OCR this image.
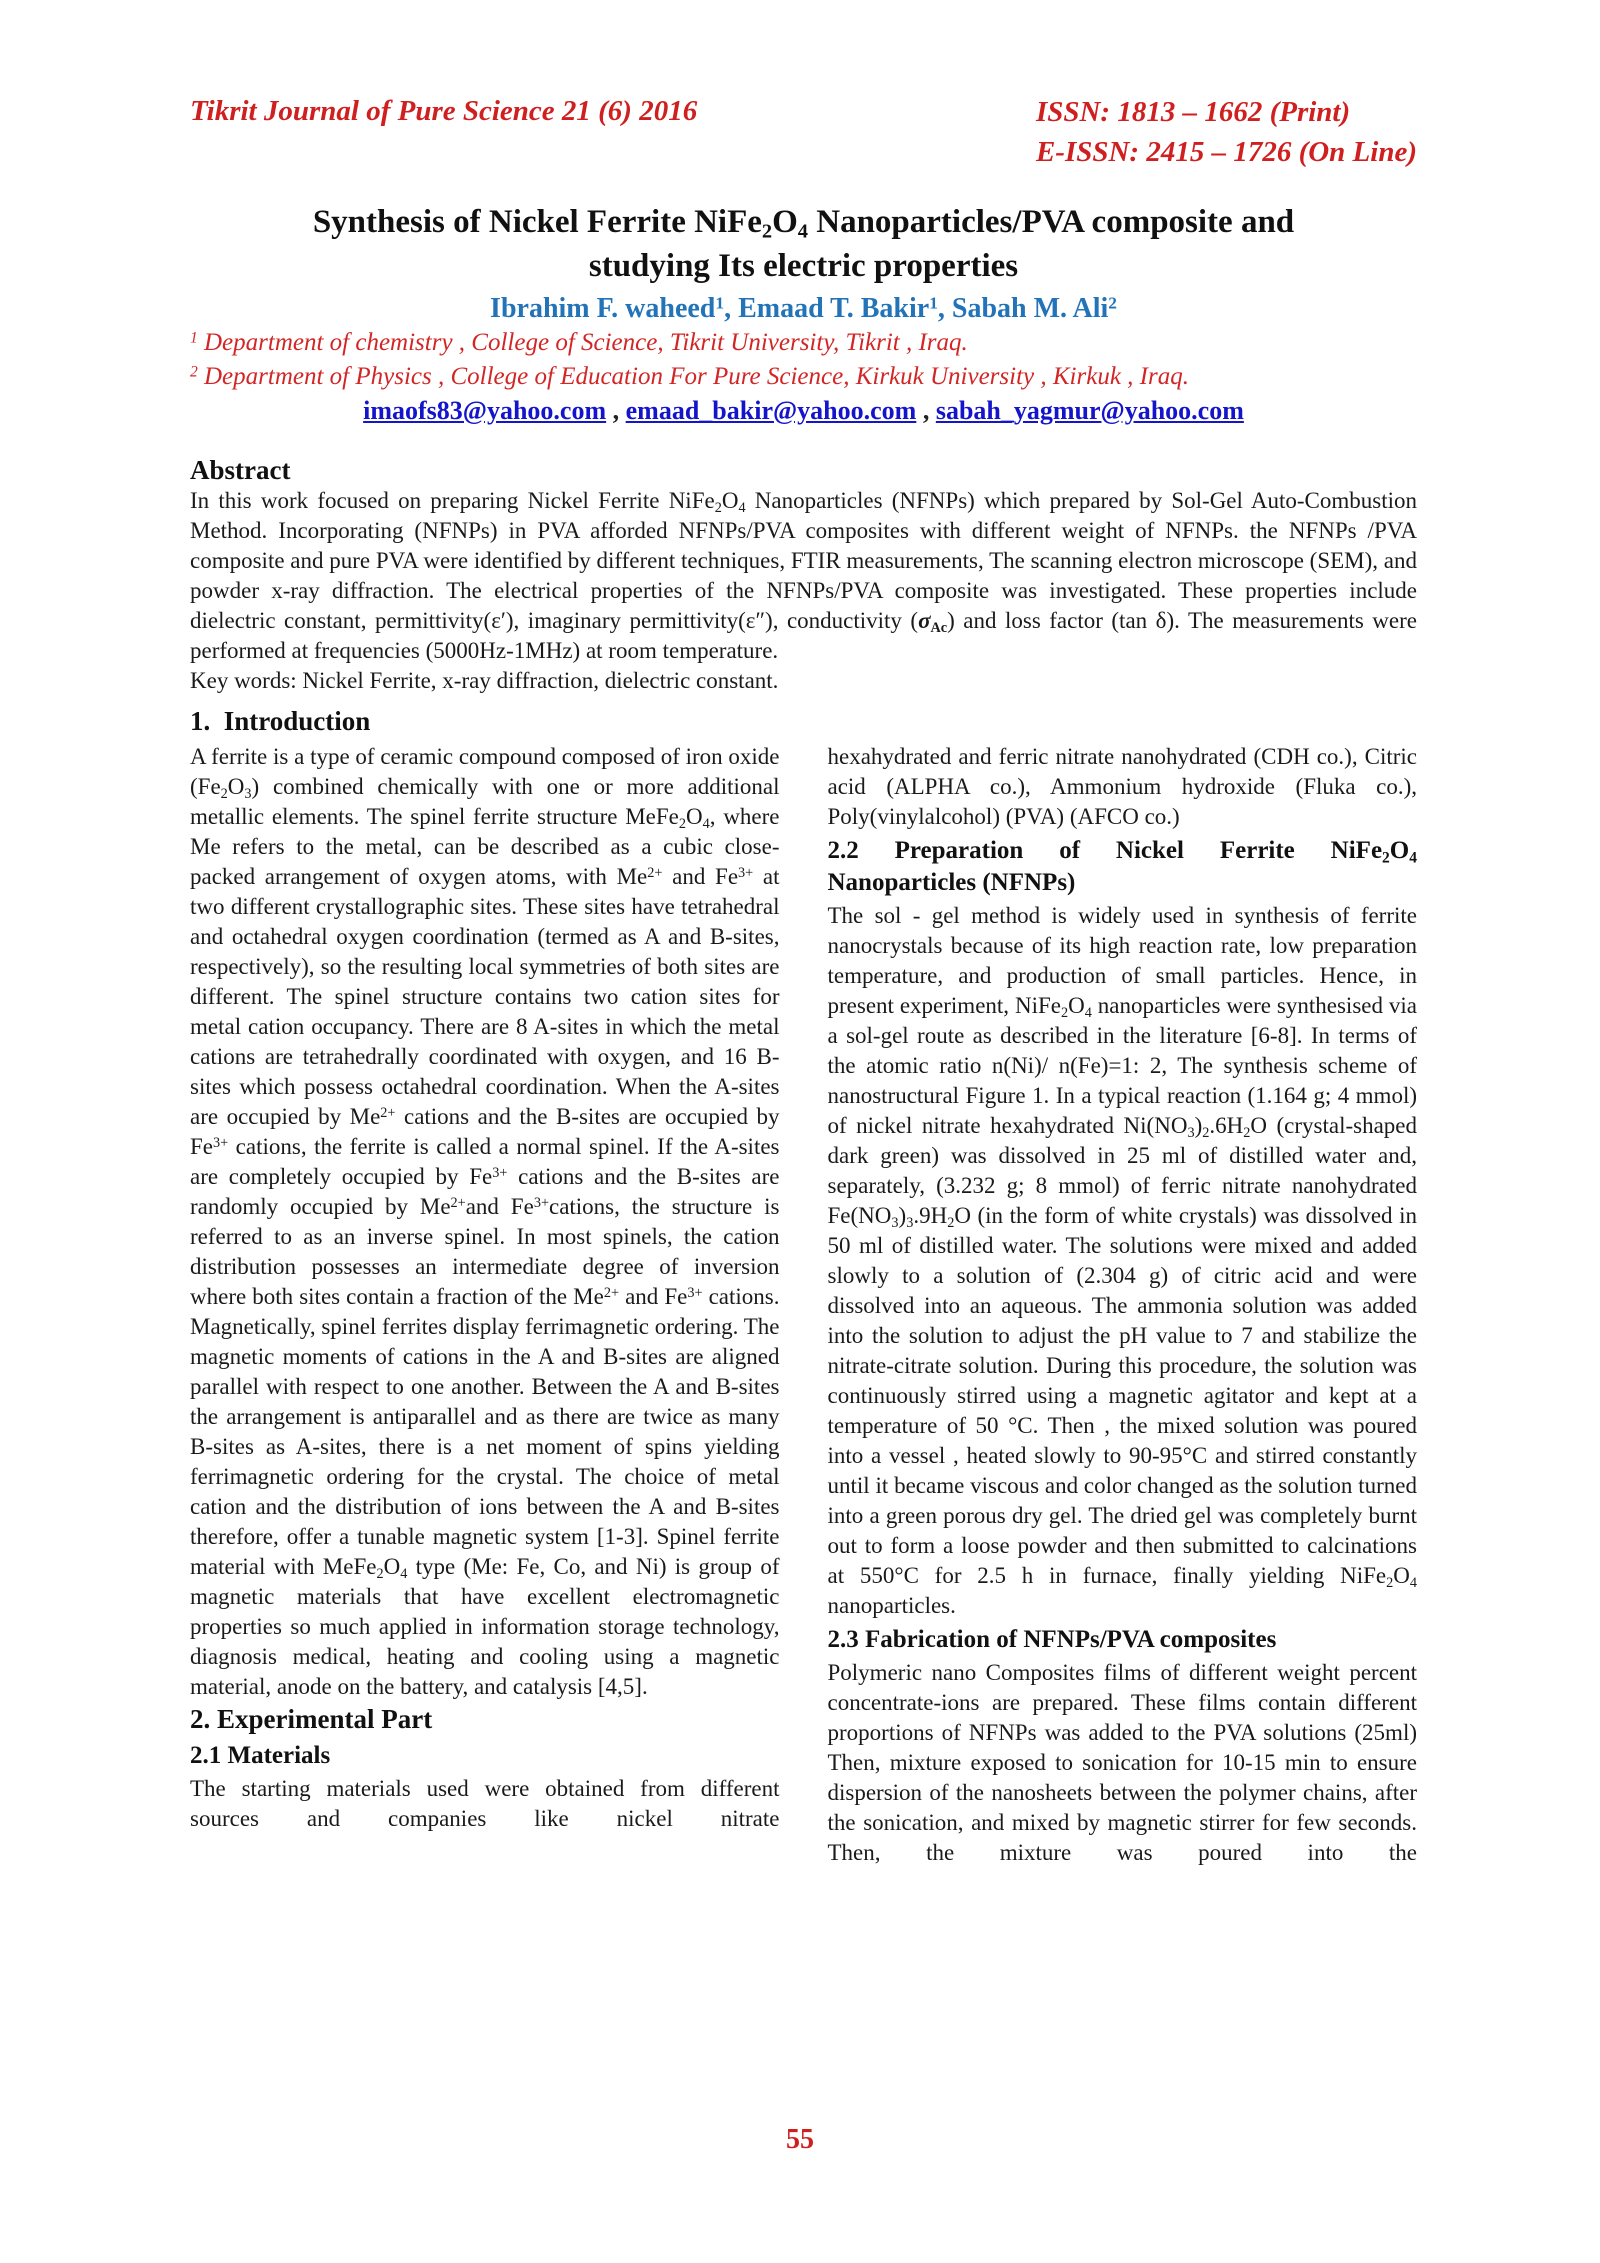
Tikrit Journal of Pure Science 21 (6) 2016	ISSN: 1813 – 1662 (Print)
E-ISSN: 2415 – 1726 (On Line)
Synthesis of Nickel Ferrite $NiFe_2O_4$ Nanoparticles/PVA composite and
studying Its electric properties
Ibrahim F. waheed$^1$, Emaad T. Bakir$^1$, Sabah M. Ali$^2$
$^1$ Department of chemistry , College of Science, Tikrit University, Tikrit , Iraq.
$^2$ Department of Physics , College of Education For Pure Science, Kirkuk University , Kirkuk , Iraq.
imaofs83@yahoo.com , emaad_bakir@yahoo.com , sabah_yagmur@yahoo.com
Abstract
In this work focused on preparing Nickel Ferrite $NiFe_2O_4$ Nanoparticles (NFNPs) which prepared by Sol-Gel Auto-Combustion Method. Incorporating (NFNPs) in PVA afforded NFNPs/PVA composites with different weight of NFNPs. the NFNPs /PVA composite and pure PVA were identified by different techniques, FTIR measurements, The scanning electron microscope (SEM), and powder x-ray diffraction. The electrical properties of the NFNPs/PVA composite was investigated. These properties include dielectric constant, permittivity(ε′), imaginary permittivity(ε″), conductivity $(\sigma_{Ac})$ and loss factor (tan δ). The measurements were performed at frequencies (5000Hz-1MHz) at room temperature.
Key words: Nickel Ferrite, x-ray diffraction, dielectric constant.
1.  Introduction

A ferrite is a type of ceramic compound composed of iron oxide $(Fe_2O_3)$ combined chemically with one or more additional metallic elements. The spinel ferrite structure $MeFe_2O_4$, where Me refers to the metal, can be described as a cubic close-packed arrangement of oxygen atoms, with $Me^{2+}$ and $Fe^{3+}$ at two different crystallographic sites. These sites have tetrahedral and octahedral oxygen coordination (termed as A and B-sites, respectively), so the resulting local symmetries of both sites are different. The spinel structure contains two cation sites for metal cation occupancy. There are 8 A-sites in which the metal cations are tetrahedrally coordinated with oxygen, and 16 B-sites which possess octahedral coordination. When the A-sites are occupied by $Me^{2+}$ cations and the B-sites are occupied by $Fe^{3+}$ cations, the ferrite is called a normal spinel. If the A-sites are completely occupied by $Fe^{3+}$ cations and the B-sites are randomly occupied by $Me^{2+}and$ $Fe^{3+}cations$, the structure is referred to as an inverse spinel. In most spinels, the cation distribution possesses an intermediate degree of inversion where both sites contain a fraction of the $Me^{2+}$ and $Fe^{3+}$ cations. Magnetically, spinel ferrites display ferrimagnetic ordering. The magnetic moments of cations in the A and B-sites are aligned parallel with respect to one another. Between the A and B-sites the arrangement is antiparallel and as there are twice as many B-sites as A-sites, there is a net moment of spins yielding ferrimagnetic ordering for the crystal. The choice of metal cation and the distribution of ions between the A and B-sites therefore, offer a tunable magnetic system [1-3]. Spinel ferrite material with $MeFe_2O_4$ type (Me: Fe, Co, and Ni) is group of magnetic materials that have excellent electromagnetic properties so much applied in information storage technology, diagnosis medical, heating and cooling using a magnetic material, anode on the battery, and catalysis [4,5].

2. Experimental Part
2.1 Materials

The starting materials used were obtained from different sources and companies like nickel nitrate

hexahydrated and ferric nitrate nanohydrated (CDH co.), Citric acid (ALPHA co.), Ammonium hydroxide (Fluka co.), Poly(vinylalcohol) (PVA) (AFCO co.)

2.2 Preparation of Nickel Ferrite $NiFe_2O_4$ Nanoparticles (NFNPs)

The sol - gel method is widely used in synthesis of ferrite nanocrystals because of its high reaction rate, low preparation temperature, and production of small particles. Hence, in present experiment, $NiFe_2O_4$ nanoparticles were synthesised via a sol-gel route as described in the literature [6-8]. In terms of the atomic ratio n(Ni)/ n(Fe)=1: 2, The synthesis scheme of nanostructural Figure 1. In a typical reaction (1.164 g; 4 mmol) of nickel nitrate hexahydrated $Ni(NO_3)_2.6H_2O$ (crystal-shaped dark green) was dissolved in 25 ml of distilled water and, separately, (3.232 g; 8 mmol) of ferric nitrate nanohydrated $Fe(NO_3)_3.9H_2O$ (in the form of white crystals) was dissolved in 50 ml of distilled water. The solutions were mixed and added slowly to a solution of (2.304 g) of citric acid and were dissolved into an aqueous. The ammonia solution was added into the solution to adjust the pH value to 7 and stabilize the nitrate-citrate solution. During this procedure, the solution was continuously stirred using a magnetic agitator and kept at a temperature of 50 °C. Then , the mixed solution was poured into a vessel , heated slowly to 90-95°C and stirred constantly until it became viscous and color changed as the solution turned into a green porous dry gel. The dried gel was completely burnt out to form a loose powder and then submitted to calcinations at 550°C for 2.5 h in furnace, finally yielding $NiFe_2O_4$ nanoparticles.

2.3 Fabrication of NFNPs/PVA composites

Polymeric nano Composites films of different weight percent concentrate-ions are prepared. These films contain different proportions of NFNPs was added to the PVA solutions (25ml) Then, mixture exposed to sonication for 10-15 min to ensure dispersion of the nanosheets between the polymer chains, after the sonication, and mixed by magnetic stirrer for few seconds. Then, the mixture was poured into the

55
